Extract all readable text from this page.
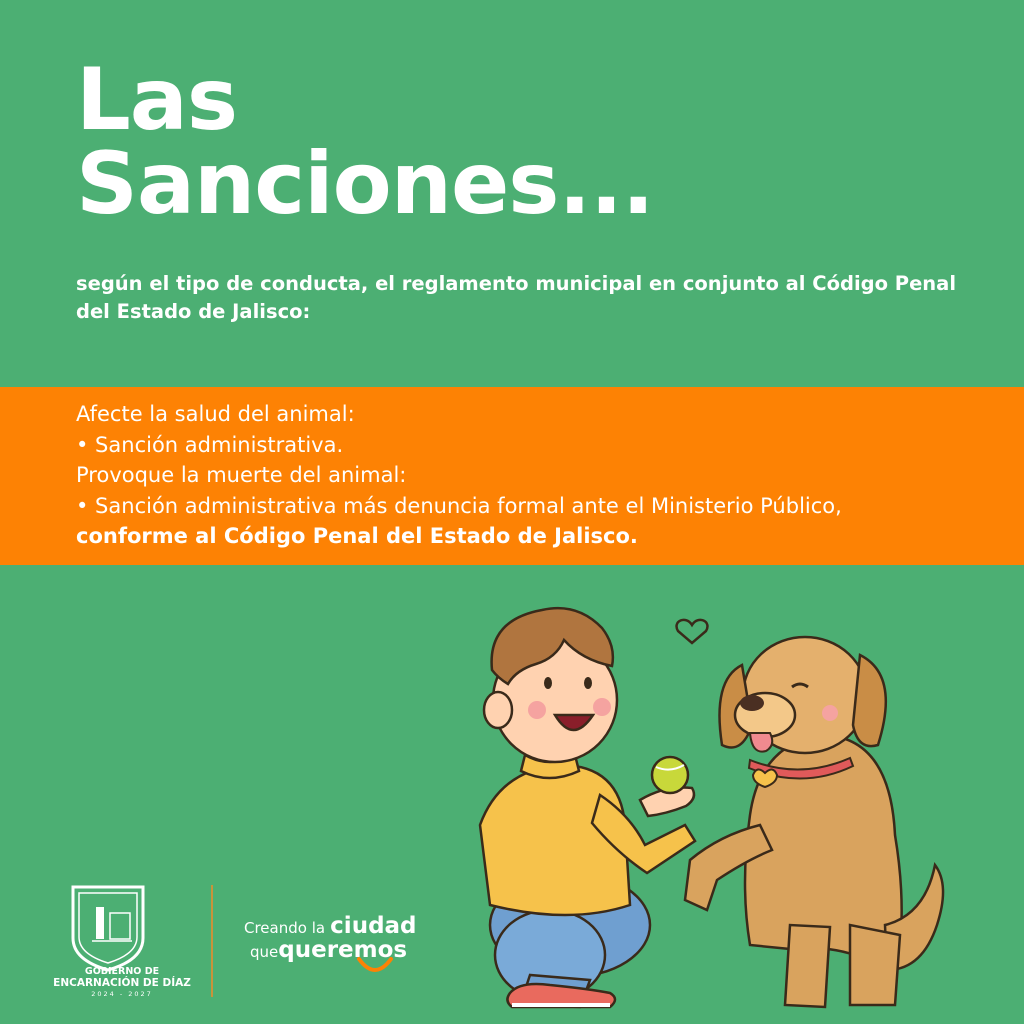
Las
Sanciones...
según el tipo de conducta, el reglamento municipal en conjunto al Código Penal del Estado de Jalisco:
Afecte la salud del animal:
• Sanción administrativa.
Provoque la muerte del animal:
• Sanción administrativa más denuncia formal ante el Ministerio Público,
conforme al Código Penal del Estado de Jalisco.
GOBIERNO DE
ENCARNACIÓN DE DÍAZ
2024 - 2027
Creando la ciudad
quequeremos
